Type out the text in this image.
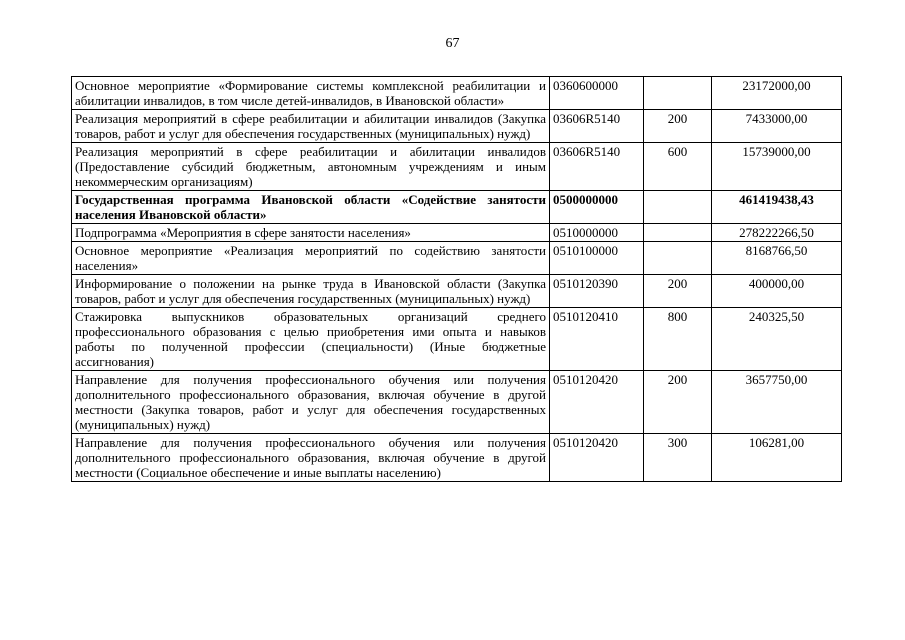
67
Основное мероприятие «Формирование системы комплексной реабилитации и абилитации инвалидов, в том числе детей-инвалидов, в Ивановской области»	0360600000		23172000,00
Реализация мероприятий в сфере реабилитации и абилитации инвалидов (Закупка товаров, работ и услуг для обеспечения государственных (муниципальных) нужд)	03606R5140	200	7433000,00
Реализация мероприятий в сфере реабилитации и абилитации инвалидов (Предоставление субсидий бюджетным, автономным учреждениям и иным некоммерческим организациям)	03606R5140	600	15739000,00
Государственная программа Ивановской области «Содействие занятости населения Ивановской области»	0500000000		461419438,43
Подпрограмма «Мероприятия в сфере занятости населения»	0510000000		278222266,50
Основное мероприятие «Реализация мероприятий по содействию занятости населения»	0510100000		8168766,50
Информирование о положении на рынке труда в Ивановской области (Закупка товаров, работ и услуг для обеспечения государственных (муниципальных) нужд)	0510120390	200	400000,00
Стажировка выпускников образовательных организаций среднего профессионального образования с целью приобретения ими опыта и навыков работы по полученной профессии (специальности) (Иные бюджетные ассигнования)	0510120410	800	240325,50
Направление для получения профессионального обучения или получения дополнительного профессионального образования, включая обучение в другой местности (Закупка товаров, работ и услуг для обеспечения государственных (муниципальных) нужд)	0510120420	200	3657750,00
Направление для получения профессионального обучения или получения дополнительного профессионального образования, включая обучение в другой местности (Социальное обеспечение и иные выплаты населению)	0510120420	300	106281,00
